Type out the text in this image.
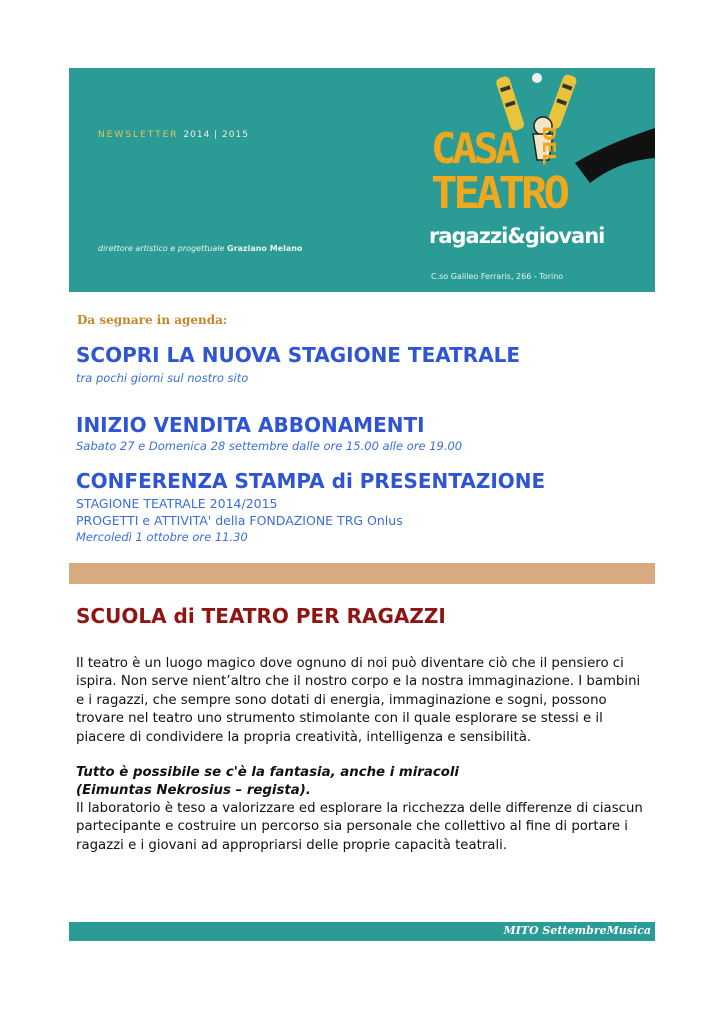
NEWSLETTER 2014 | 2015
direttore artistico e progettuale Graziano Melano
CASA DEL
TEATRO
ragazzi&giovani
C.so Galileo Ferraris, 266 - Torino
Da segnare in agenda:
SCOPRI LA NUOVA STAGIONE TEATRALE
tra pochi giorni sul nostro sito
INIZIO VENDITA ABBONAMENTI
Sabato 27 e Domenica 28 settembre dalle ore 15.00 alle ore 19.00
CONFERENZA STAMPA di PRESENTAZIONE
STAGIONE TEATRALE 2014/2015
PROGETTI e ATTIVITA' della FONDAZIONE TRG Onlus
Mercoledì 1 ottobre ore 11.30
SCUOLA di TEATRO PER RAGAZZI
Il teatro è un luogo magico dove ognuno di noi può diventare ciò che il pensiero ci ispira. Non serve nient’altro che il nostro corpo e la nostra immaginazione. I bambini e i ragazzi, che sempre sono dotati di energia, immaginazione e sogni, possono trovare nel teatro uno strumento stimolante con il quale esplorare se stessi e il piacere di condividere la propria creatività, intelligenza e sensibilità.
Tutto è possibile se c'è la fantasia, anche i miracoli
(Eimuntas Nekrosius – regista).
Il laboratorio è teso a valorizzare ed esplorare la ricchezza delle differenze di ciascun partecipante e costruire un percorso sia personale che collettivo al fine di portare i ragazzi e i giovani ad appropriarsi delle proprie capacità teatrali.
MITO SettembreMusica
